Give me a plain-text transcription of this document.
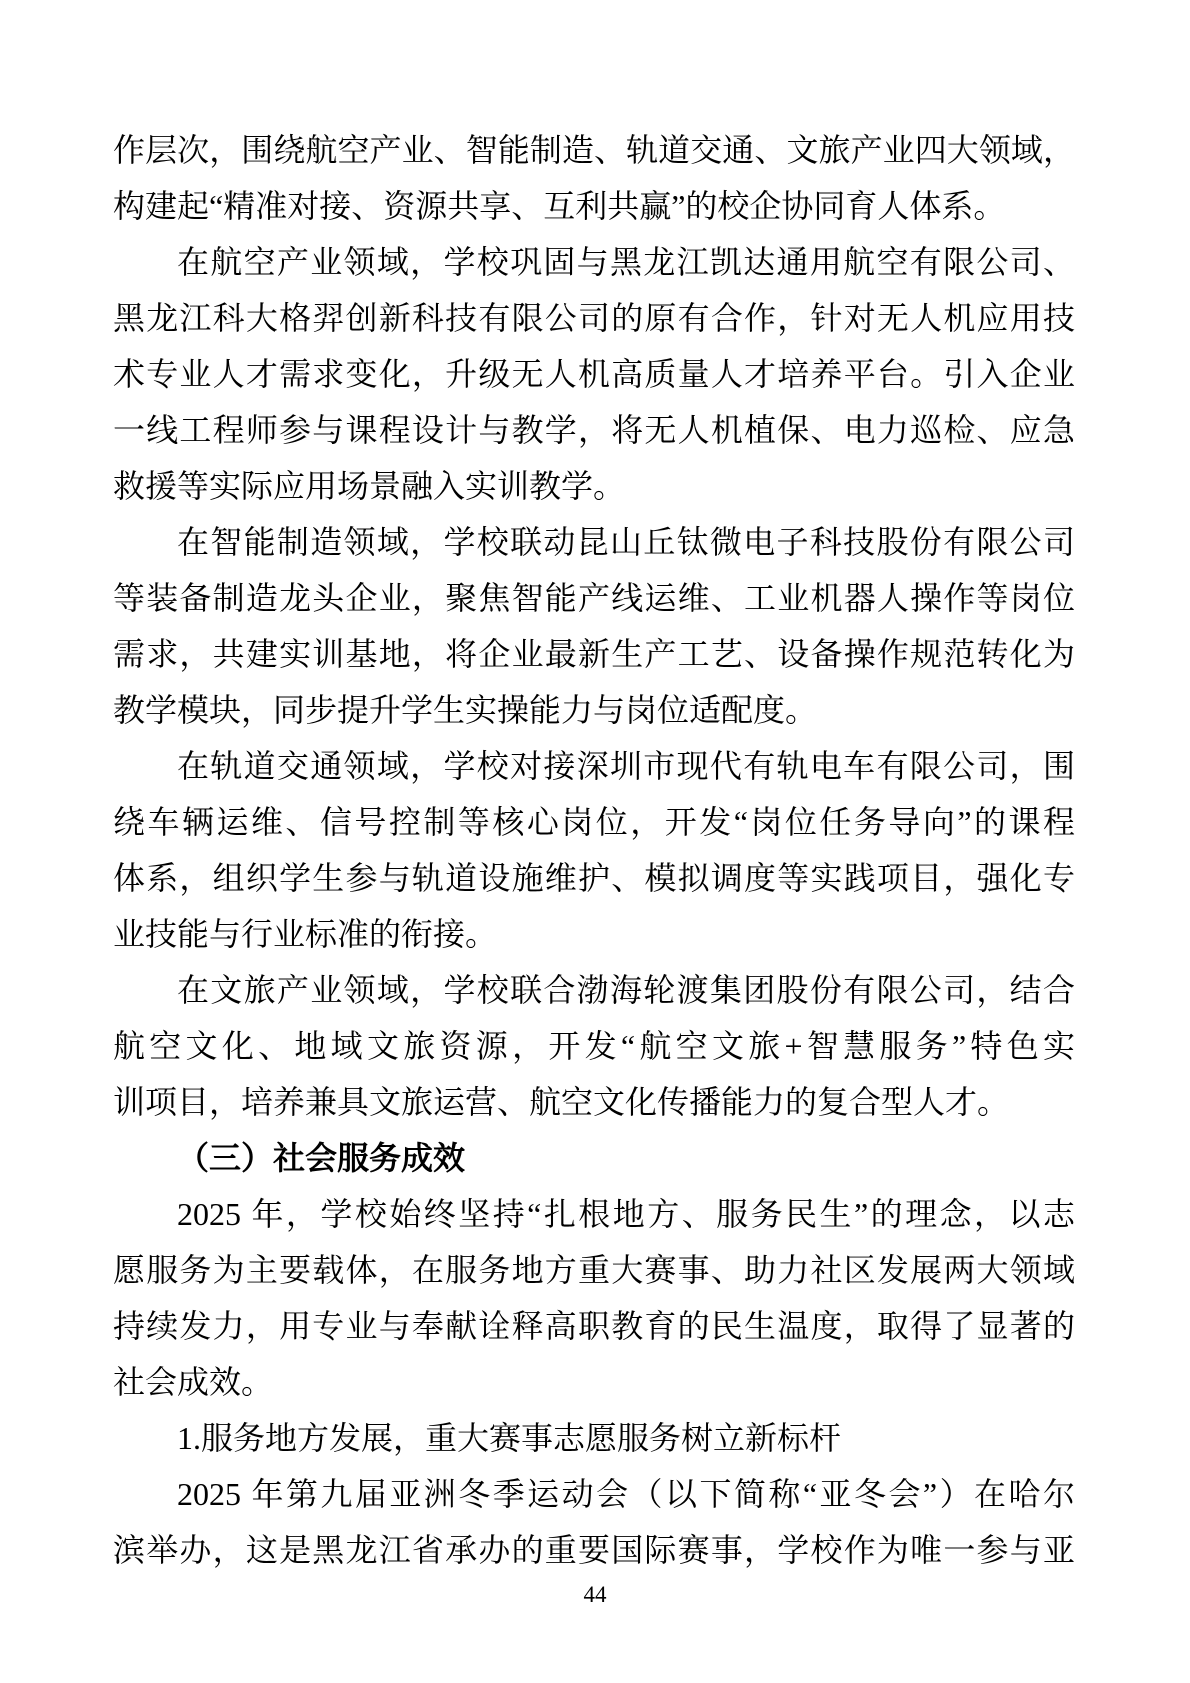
作层次，围绕航空产业、智能制造、轨道交通、文旅产业四大领域，
构建起“精准对接、资源共享、互利共赢”的校企协同育人体系。
在航空产业领域，学校巩固与黑龙江凯达通用航空有限公司、
黑龙江科大格羿创新科技有限公司的原有合作，针对无人机应用技
术专业人才需求变化，升级无人机高质量人才培养平台。引入企业
一线工程师参与课程设计与教学，将无人机植保、电力巡检、应急
救援等实际应用场景融入实训教学。
在智能制造领域，学校联动昆山丘钛微电子科技股份有限公司
等装备制造龙头企业，聚焦智能产线运维、工业机器人操作等岗位
需求，共建实训基地，将企业最新生产工艺、设备操作规范转化为
教学模块，同步提升学生实操能力与岗位适配度。
在轨道交通领域，学校对接深圳市现代有轨电车有限公司，围
绕车辆运维、信号控制等核心岗位，开发“岗位任务导向”的课程
体系，组织学生参与轨道设施维护、模拟调度等实践项目，强化专
业技能与行业标准的衔接。
在文旅产业领域，学校联合渤海轮渡集团股份有限公司，结合
航空文化、地域文旅资源，开发“航空文旅+智慧服务”特色实
训项目，培养兼具文旅运营、航空文化传播能力的复合型人才。
（三）社会服务成效
2025 年，学校始终坚持“扎根地方、服务民生”的理念，以志
愿服务为主要载体，在服务地方重大赛事、助力社区发展两大领域
持续发力，用专业与奉献诠释高职教育的民生温度，取得了显著的
社会成效。
1.服务地方发展，重大赛事志愿服务树立新标杆
2025 年第九届亚洲冬季运动会（以下简称“亚冬会”）在哈尔
滨举办，这是黑龙江省承办的重要国际赛事，学校作为唯一参与亚
44
